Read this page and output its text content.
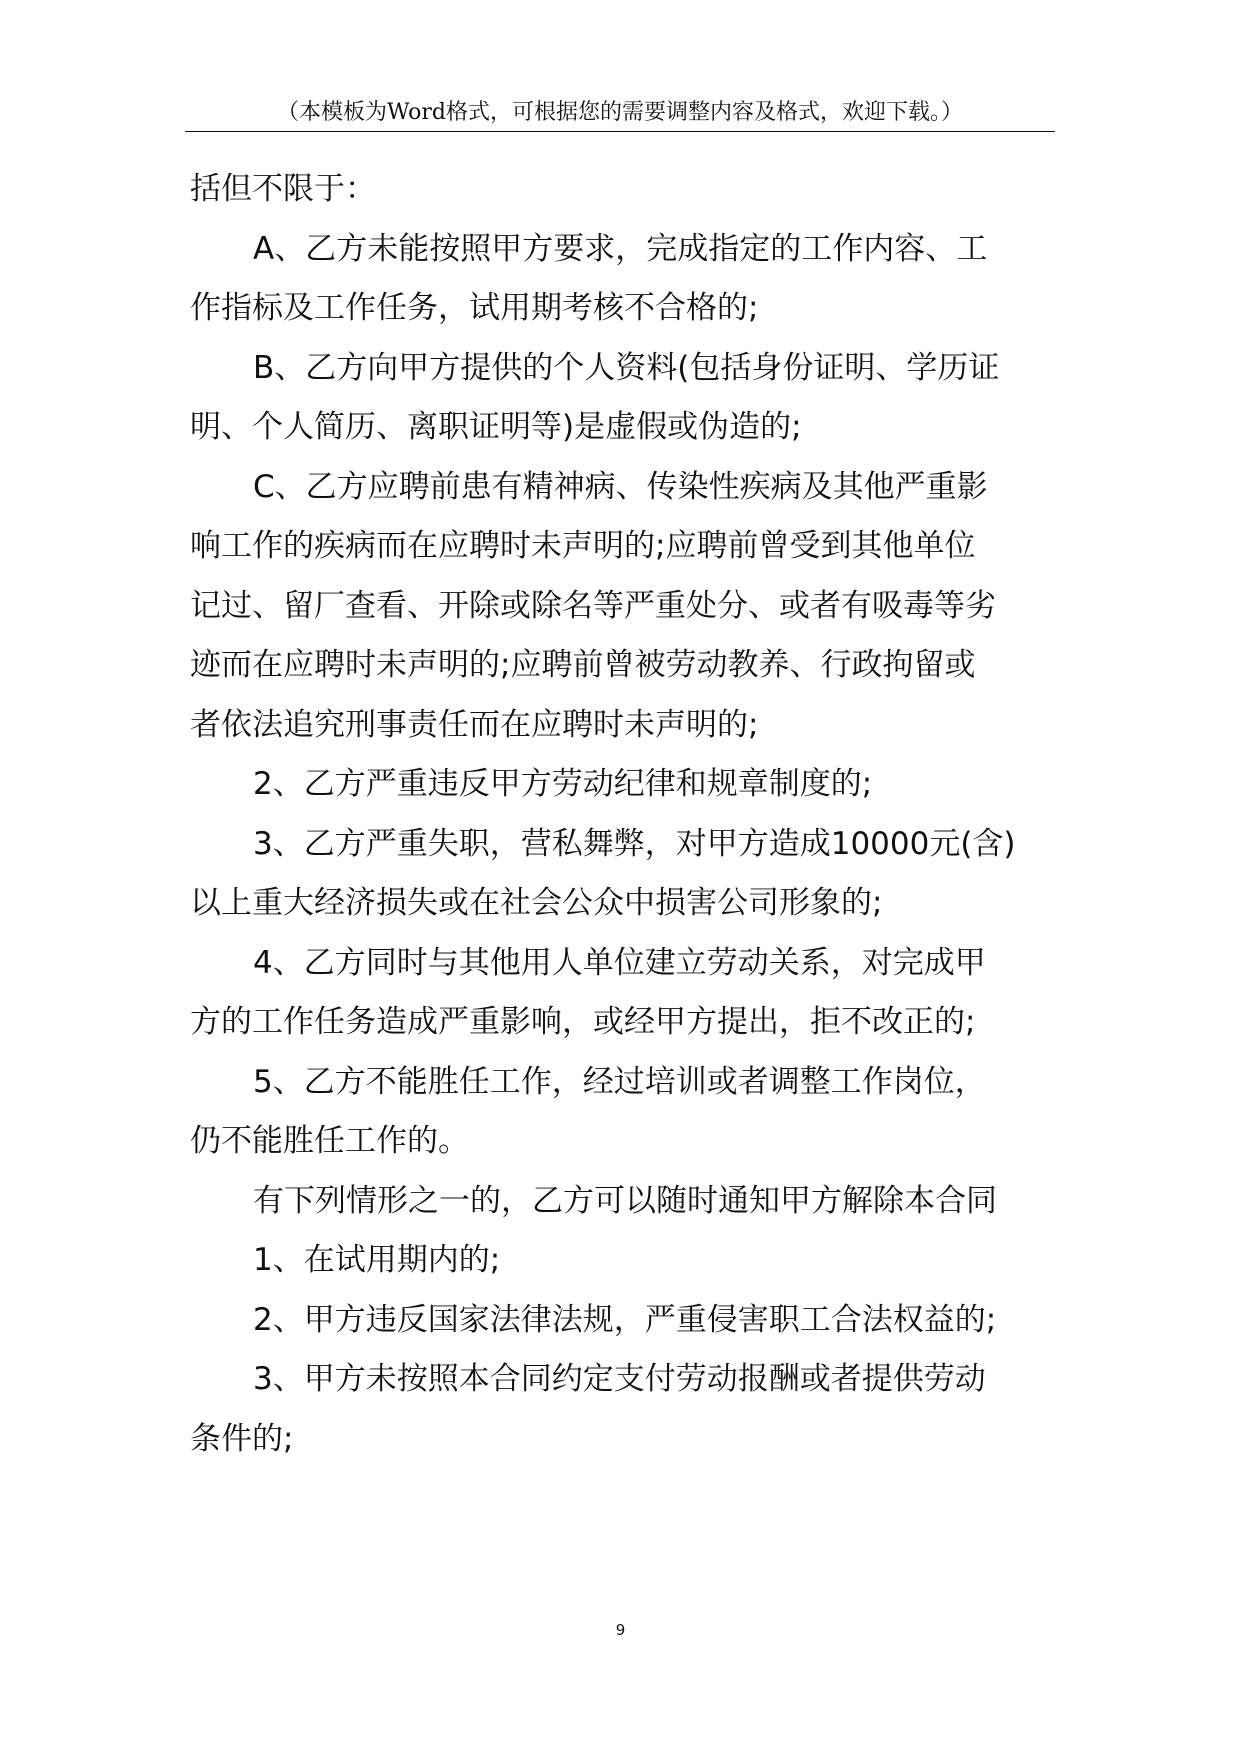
（本模板为Word格式，可根据您的需要调整内容及格式，欢迎下载。）
括但不限于：
A、乙方未能按照甲方要求，完成指定的工作内容、工
作指标及工作任务，试用期考核不合格的;
B、乙方向甲方提供的个人资料(包括身份证明、学历证
明、个人简历、离职证明等)是虚假或伪造的;
C、乙方应聘前患有精神病、传染性疾病及其他严重影
响工作的疾病而在应聘时未声明的;应聘前曾受到其他单位
记过、留厂查看、开除或除名等严重处分、或者有吸毒等劣
迹而在应聘时未声明的;应聘前曾被劳动教养、行政拘留或
者依法追究刑事责任而在应聘时未声明的;
2、乙方严重违反甲方劳动纪律和规章制度的;
3、乙方严重失职，营私舞弊，对甲方造成10000元(含)
以上重大经济损失或在社会公众中损害公司形象的;
4、乙方同时与其他用人单位建立劳动关系，对完成甲
方的工作任务造成严重影响，或经甲方提出，拒不改正的;
5、乙方不能胜任工作，经过培训或者调整工作岗位，
仍不能胜任工作的。
有下列情形之一的，乙方可以随时通知甲方解除本合同
1、在试用期内的;
2、甲方违反国家法律法规，严重侵害职工合法权益的;
3、甲方未按照本合同约定支付劳动报酬或者提供劳动
条件的;
9
